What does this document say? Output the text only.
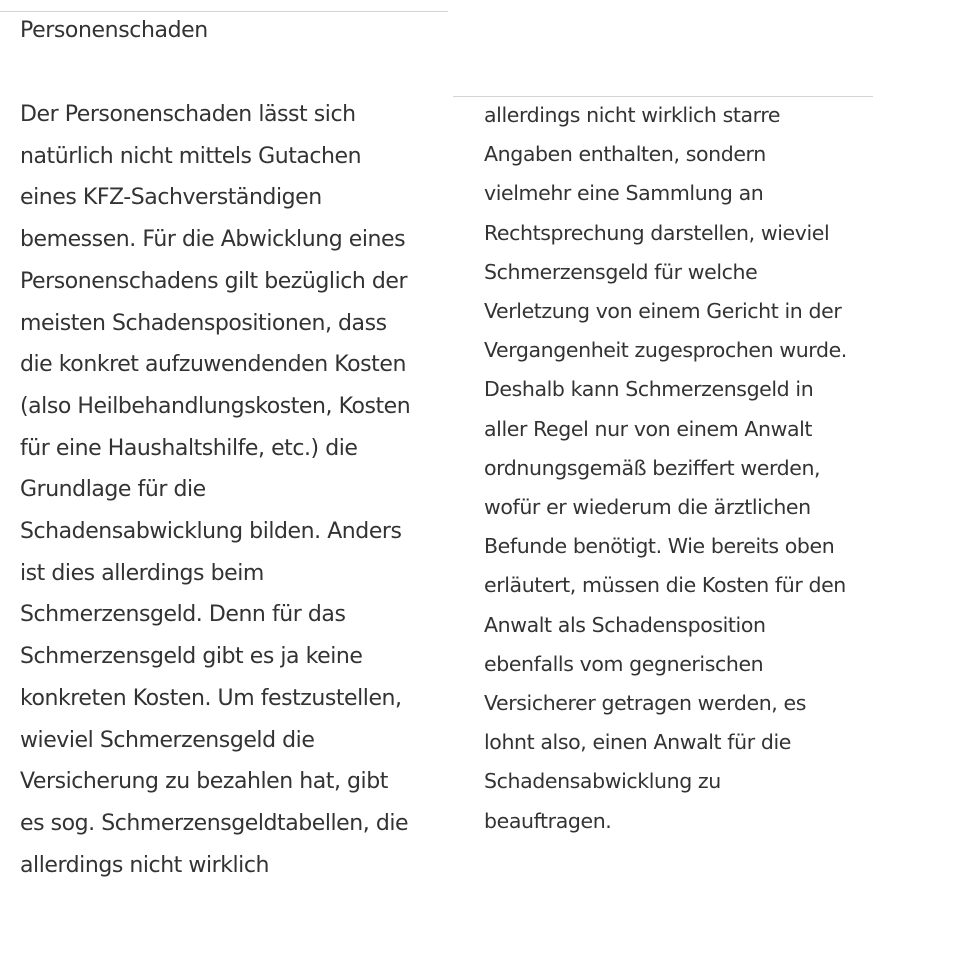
Personenschaden
Der Personenschaden lässt sich
natürlich nicht mittels Gutachen
eines KFZ-Sachverständigen
bemessen. Für die Abwicklung eines
Personenschadens gilt bezüglich der
meisten Schadenspositionen, dass
die konkret aufzuwendenden Kosten
(also Heilbehandlungskosten, Kosten
für eine Haushaltshilfe, etc.) die
Grundlage für die
Schadensabwicklung bilden. Anders
ist dies allerdings beim
Schmerzensgeld. Denn für das
Schmerzensgeld gibt es ja keine
konkreten Kosten. Um festzustellen,
wieviel Schmerzensgeld die
Versicherung zu bezahlen hat, gibt
es sog. Schmerzensgeldtabellen, die
allerdings nicht wirklich
allerdings nicht wirklich starre
Angaben enthalten, sondern
vielmehr eine Sammlung an
Rechtsprechung darstellen, wieviel
Schmerzensgeld für welche
Verletzung von einem Gericht in der
Vergangenheit zugesprochen wurde.
Deshalb kann Schmerzensgeld in
aller Regel nur von einem Anwalt
ordnungsgemäß beziffert werden,
wofür er wiederum die ärztlichen
Befunde benötigt. Wie bereits oben
erläutert, müssen die Kosten für den
Anwalt als Schadensposition
ebenfalls vom gegnerischen
Versicherer getragen werden, es
lohnt also, einen Anwalt für die
Schadensabwicklung zu
beauftragen.
